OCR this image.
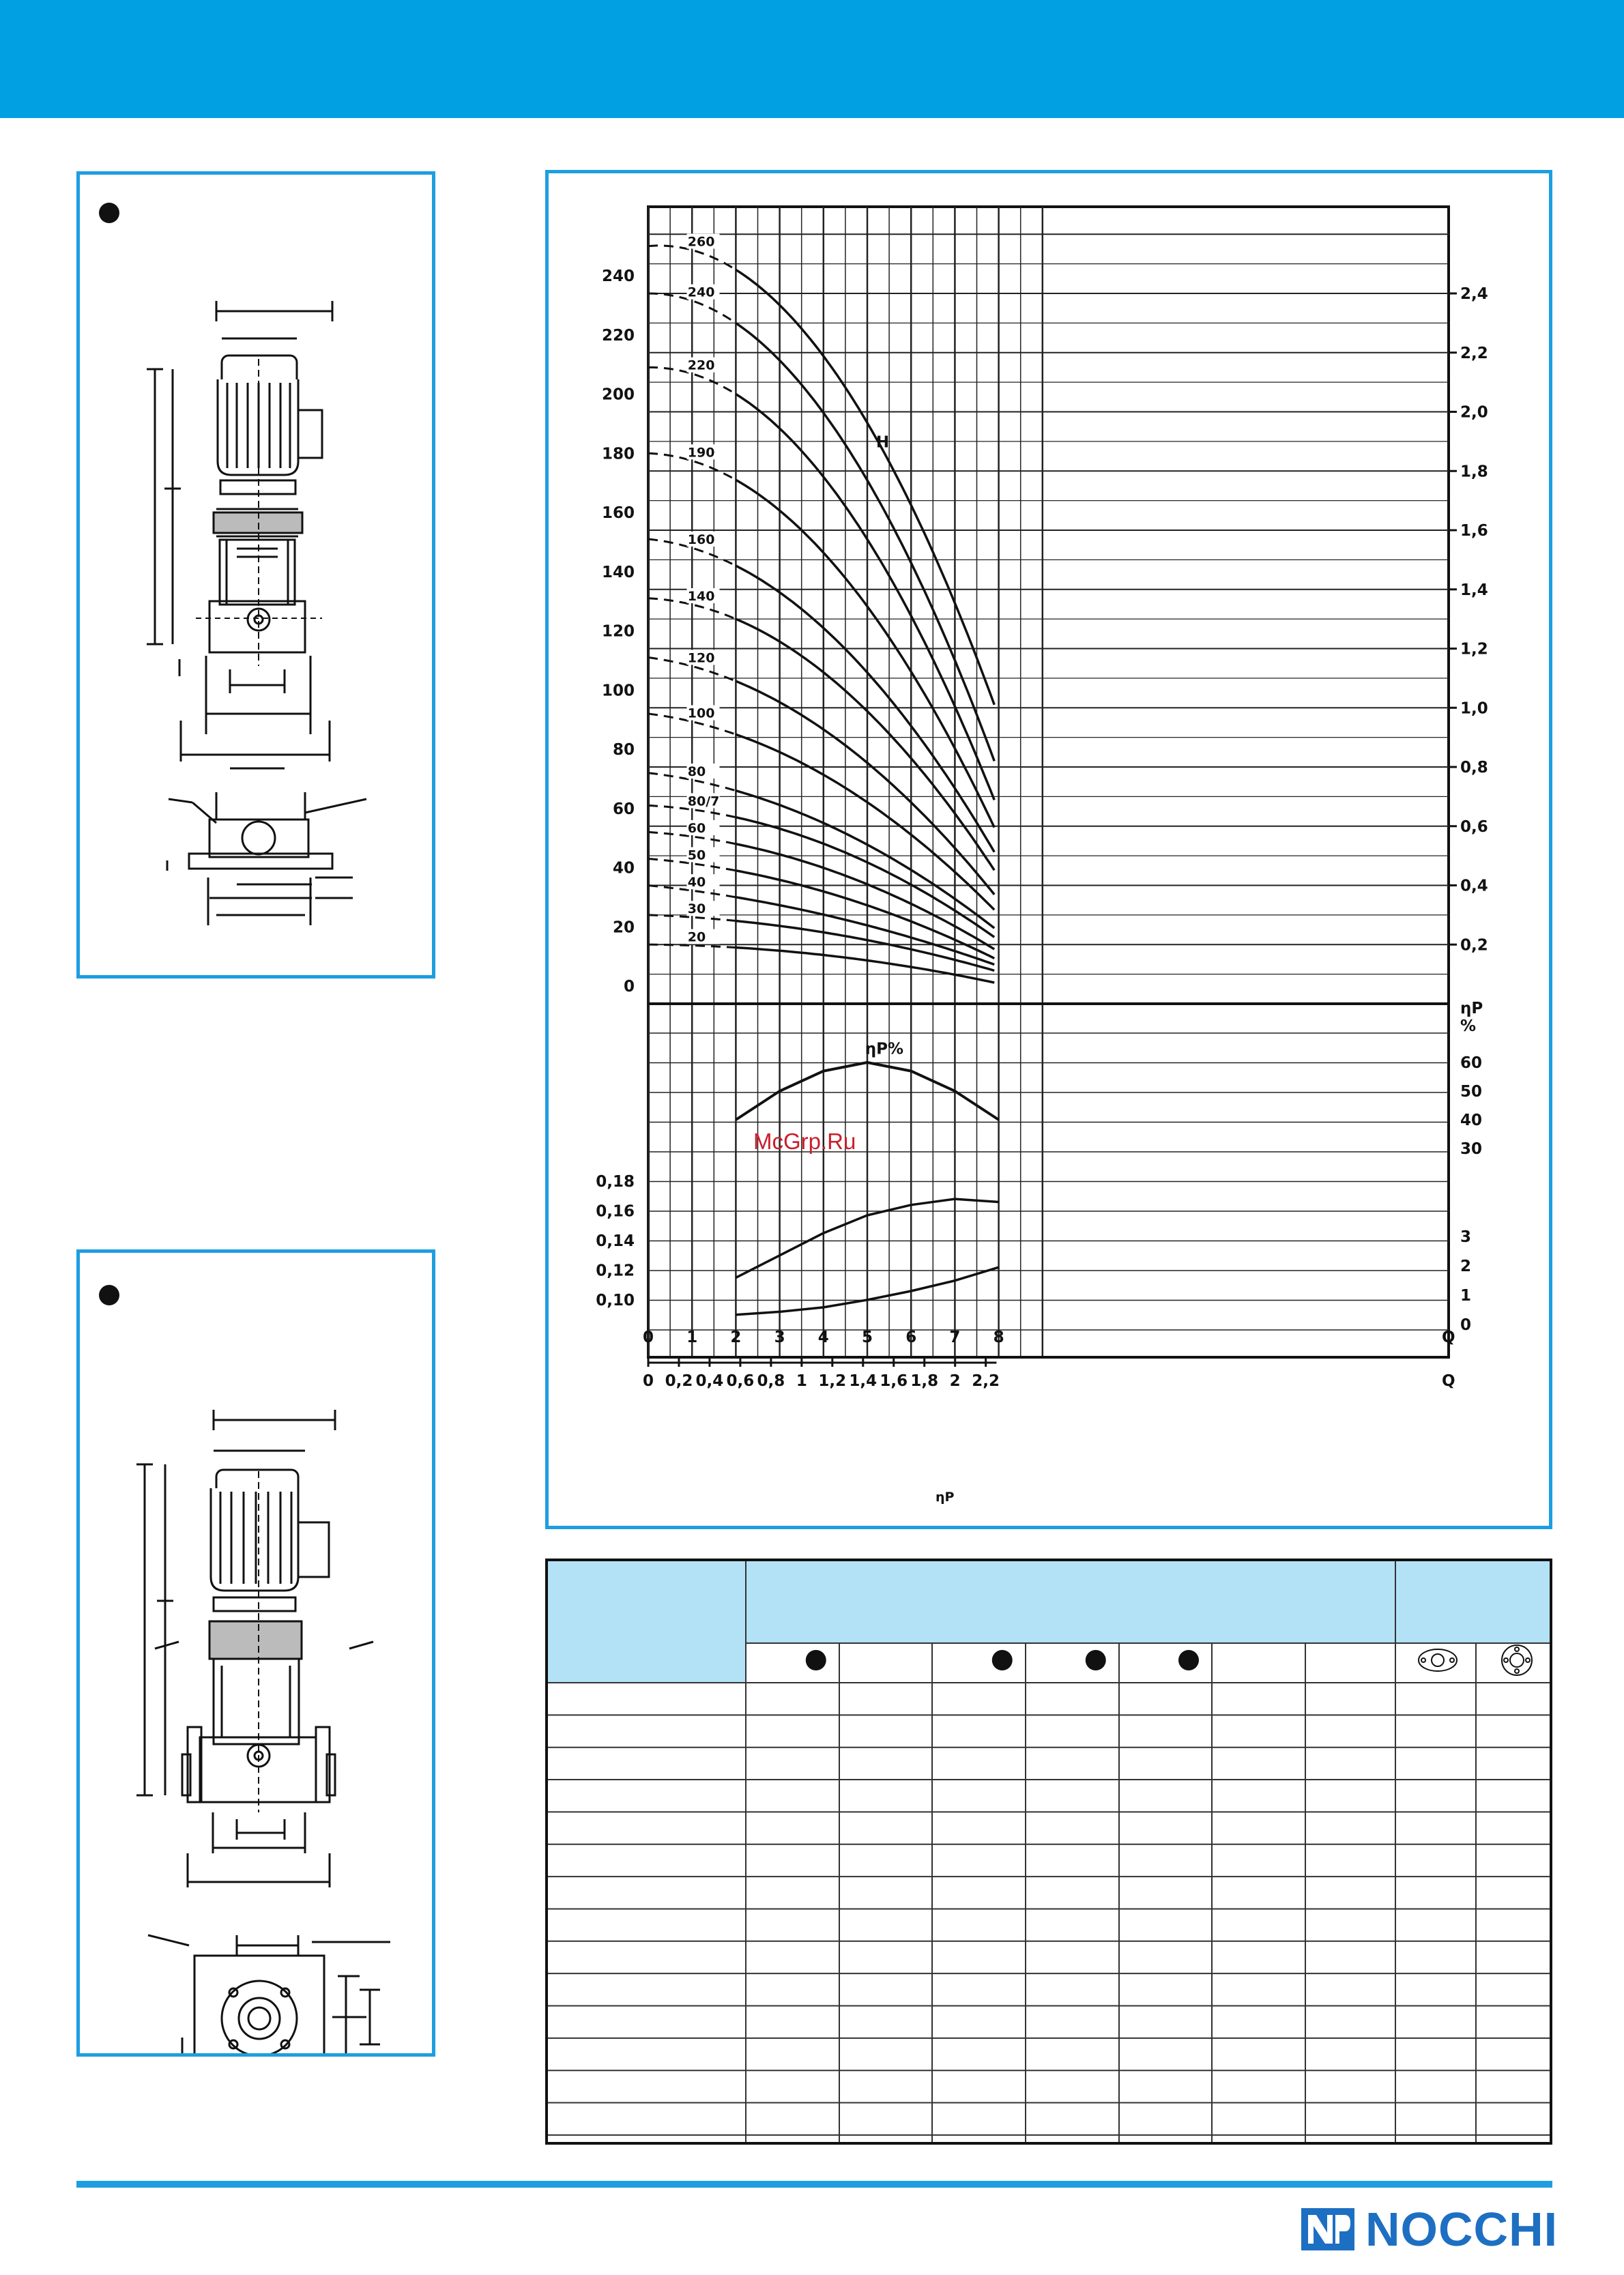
0
20
40
60
80
100
120
140
160
180
200
220
240
0,2
0,4
0,6
0,8
1,0
1,2
1,4
1,6
1,8
2,0
2,2
2,4
H
260
240
220
190
160
140
120
100
80
80/7
60
50
40
30
20
ηP
%
30
40
50
60
ηP%
0,10
0,12
0,14
0,16
0,18
0
1
2
3
0 1 2 3 4 5 6 7 8	Q
0 0,2 0,4 0,6 0,8 1 1,2 1,4 1,6 1,8 2 2,2	Q
McGrp.Ru
ηP
NOCCHI
